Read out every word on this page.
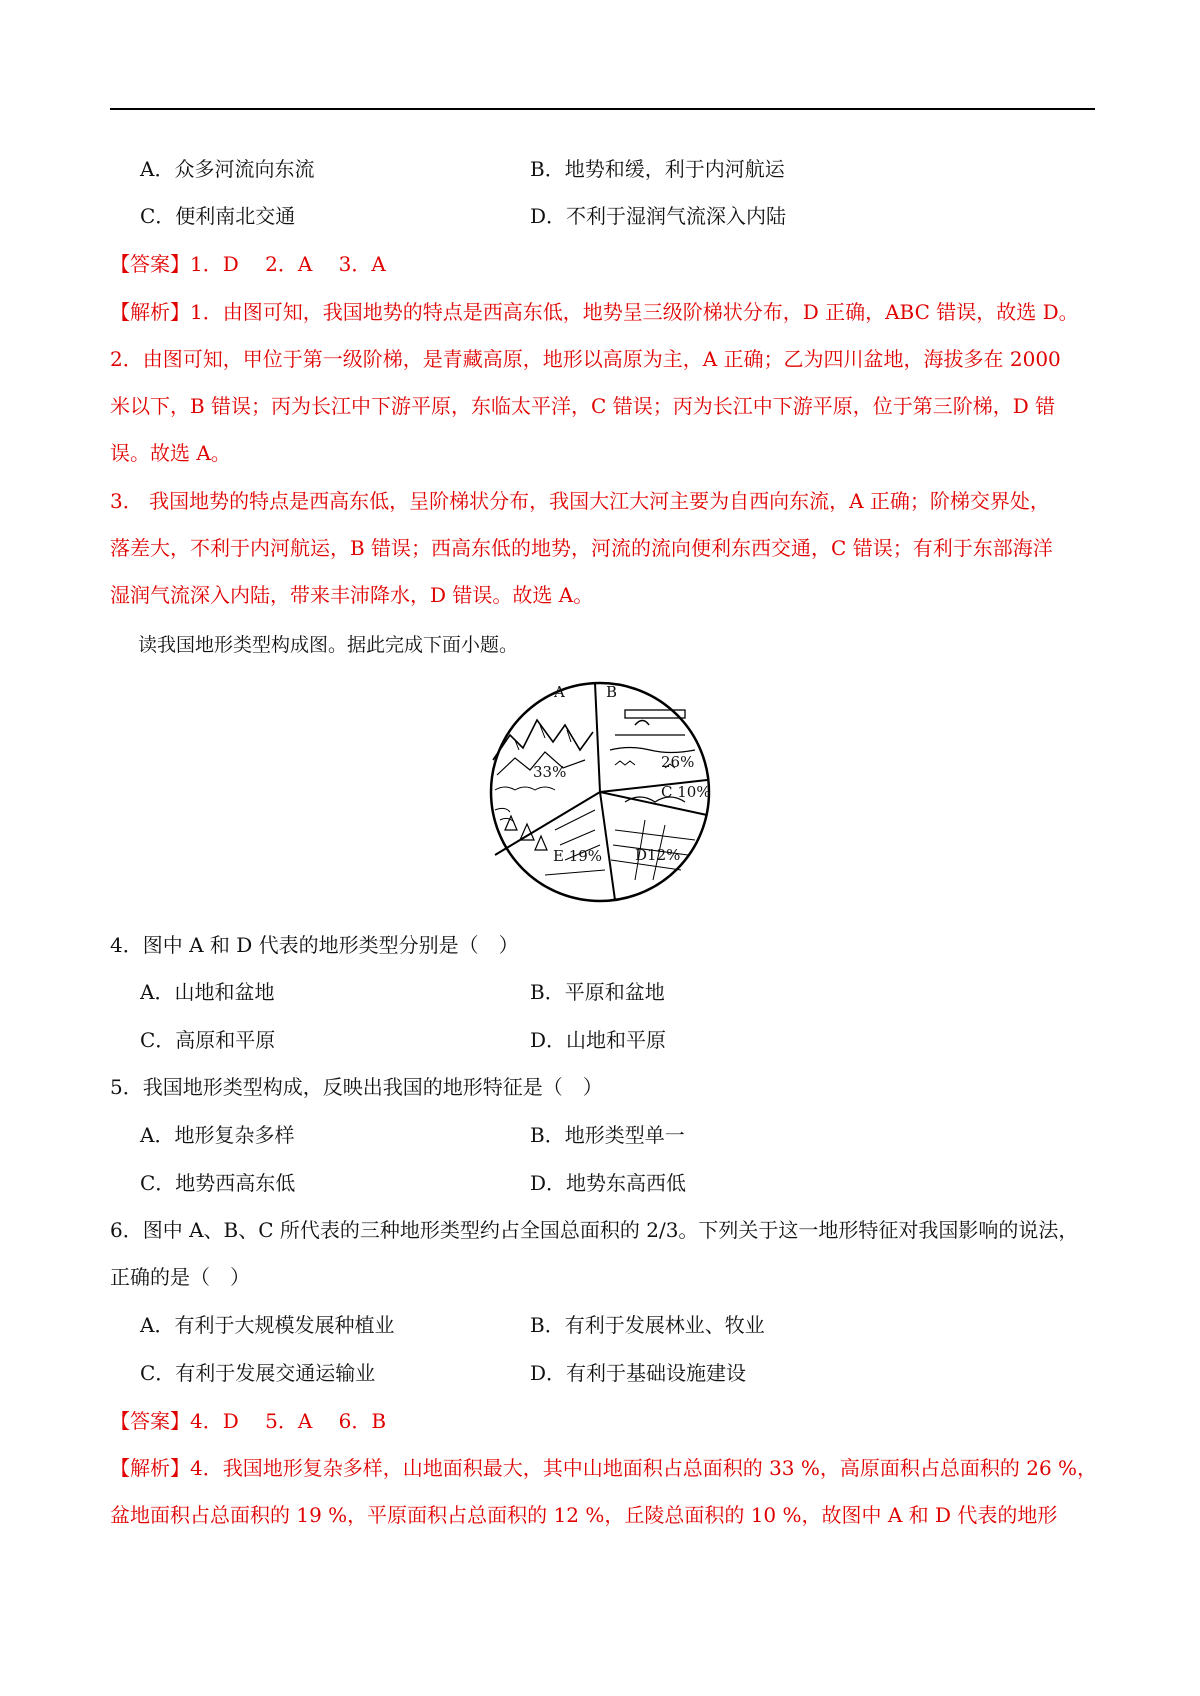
A．众多河流向东流	B．地势和缓，利于内河航运
C．便利南北交通	D．不利于湿润气流深入内陆
【答案】1．D　 2．A　 3．A
【解析】1．由图可知，我国地势的特点是西高东低，地势呈三级阶梯状分布，D 正确，ABC 错误，故选 D。
2．由图可知，甲位于第一级阶梯，是青藏高原，地形以高原为主，A 正确；乙为四川盆地，海拔多在 2000
米以下，B 错误；丙为长江中下游平原，东临太平洋，C 错误；丙为长江中下游平原，位于第三阶梯，D 错
误。故选 A。
3． 我国地势的特点是西高东低，呈阶梯状分布，我国大江大河主要为自西向东流，A 正确；阶梯交界处，
落差大，不利于内河航运，B 错误；西高东低的地势，河流的流向便利东西交通，C 错误；有利于东部海洋
湿润气流深入内陆，带来丰沛降水，D 错误。故选 A。
读我国地形类型构成图。据此完成下面小题。
A
33%
B
26%
C 10%
D12%
E 19%
4．图中 A 和 D 代表的地形类型分别是（　）
A．山地和盆地	B．平原和盆地
C．高原和平原	D．山地和平原
5．我国地形类型构成，反映出我国的地形特征是（　）
A．地形复杂多样	B．地形类型单一
C．地势西高东低	D．地势东高西低
6．图中 A、B、C 所代表的三种地形类型约占全国总面积的 2/3。下列关于这一地形特征对我国影响的说法，
正确的是（　）
A．有利于大规模发展种植业	B．有利于发展林业、牧业
C．有利于发展交通运输业	D．有利于基础设施建设
【答案】4．D　 5．A　 6．B
【解析】4．我国地形复杂多样，山地面积最大，其中山地面积占总面积的 33 %，高原面积占总面积的 26 %，
盆地面积占总面积的 19 %，平原面积占总面积的 12 %，丘陵总面积的 10 %，故图中 A 和 D 代表的地形
